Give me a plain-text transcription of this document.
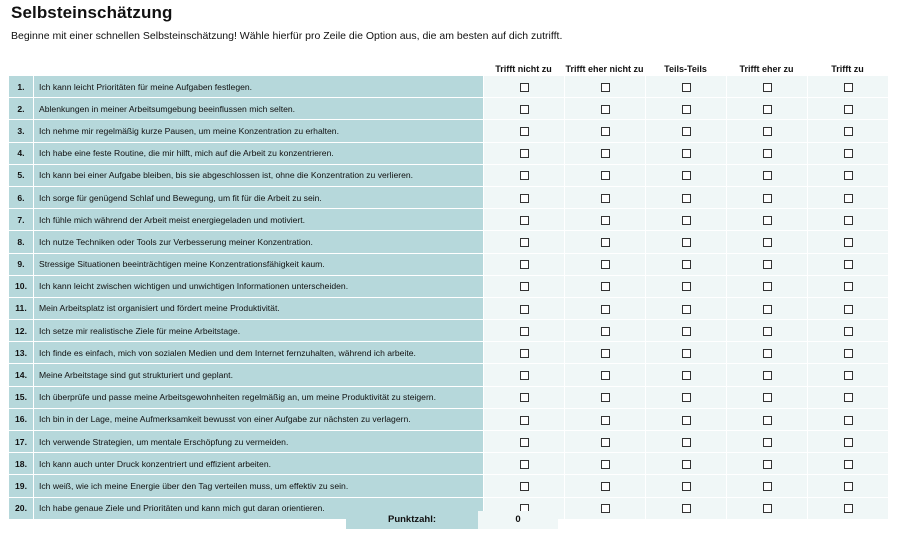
Selbsteinschätzung
Beginne mit einer schnellen Selbsteinschätzung! Wähle hierfür pro Zeile die Option aus, die am besten auf dich zutrifft.
		Trifft nicht zu	Trifft eher nicht zu	Teils-Teils	Trifft eher zu	Trifft zu
1.	Ich kann leicht Prioritäten für meine Aufgaben festlegen.					
2.	Ablenkungen in meiner Arbeitsumgebung beeinflussen mich selten.					
3.	Ich nehme mir regelmäßig kurze Pausen, um meine Konzentration zu erhalten.					
4.	Ich habe eine feste Routine, die mir hilft, mich auf die Arbeit zu konzentrieren.					
5.	Ich kann bei einer Aufgabe bleiben, bis sie abgeschlossen ist, ohne die Konzentration zu verlieren.					
6.	Ich sorge für genügend Schlaf und Bewegung, um fit für die Arbeit zu sein.					
7.	Ich fühle mich während der Arbeit meist energiegeladen und motiviert.					
8.	Ich nutze Techniken oder Tools zur Verbesserung meiner Konzentration.					
9.	Stressige Situationen beeinträchtigen meine Konzentrationsfähigkeit kaum.					
10.	Ich kann leicht zwischen wichtigen und unwichtigen Informationen unterscheiden.					
11.	Mein Arbeitsplatz ist organisiert und fördert meine Produktivität.					
12.	Ich setze mir realistische Ziele für meine Arbeitstage.					
13.	Ich finde es einfach, mich von sozialen Medien und dem Internet fernzuhalten, während ich arbeite.					
14.	Meine Arbeitstage sind gut strukturiert und geplant.					
15.	Ich überprüfe und passe meine Arbeitsgewohnheiten regelmäßig an, um meine Produktivität zu steigern.					
16.	Ich bin in der Lage, meine Aufmerksamkeit bewusst von einer Aufgabe zur nächsten zu verlagern.					
17.	Ich verwende Strategien, um mentale Erschöpfung zu vermeiden.					
18.	Ich kann auch unter Druck konzentriert und effizient arbeiten.					
19.	Ich weiß, wie ich meine Energie über den Tag verteilen muss, um effektiv zu sein.					
20.	Ich habe genaue Ziele und Prioritäten und kann mich gut daran orientieren.					
Punktzahl:	0
